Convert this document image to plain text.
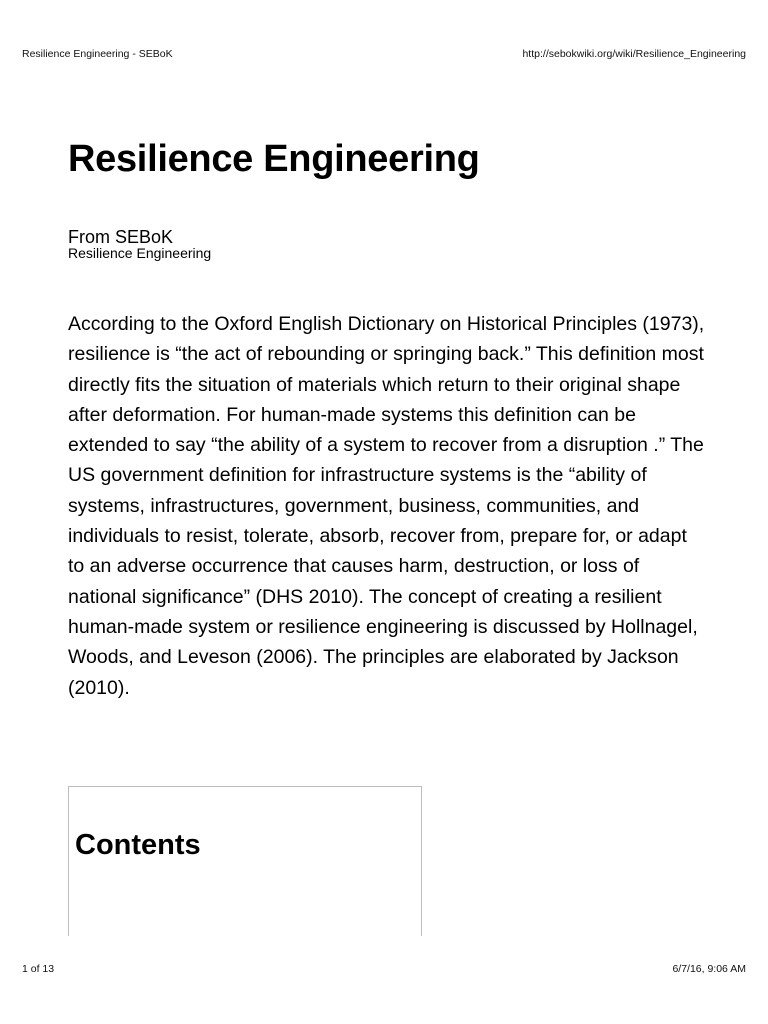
Resilience Engineering - SEBoK	http://sebokwiki.org/wiki/Resilience_Engineering
Resilience Engineering
From SEBoK
Resilience Engineering

According to the Oxford English Dictionary on Historical Principles (1973), resilience is “the act of rebounding or springing back.” This definition most directly fits the situation of materials which return to their original shape after deformation. For human-made systems this definition can be extended to say “the ability of a system to recover from a disruption .” The US government definition for infrastructure systems is the “ability of systems, infrastructures, government, business, communities, and individuals to resist, tolerate, absorb, recover from, prepare for, or adapt to an adverse occurrence that causes harm, destruction, or loss of national significance” (DHS 2010). The concept of creating a resilient human-made system or resilience engineering is discussed by Hollnagel, Woods, and Leveson (2006). The principles are elaborated by Jackson (2010).

Contents
1 of 13	6/7/16, 9:06 AM
